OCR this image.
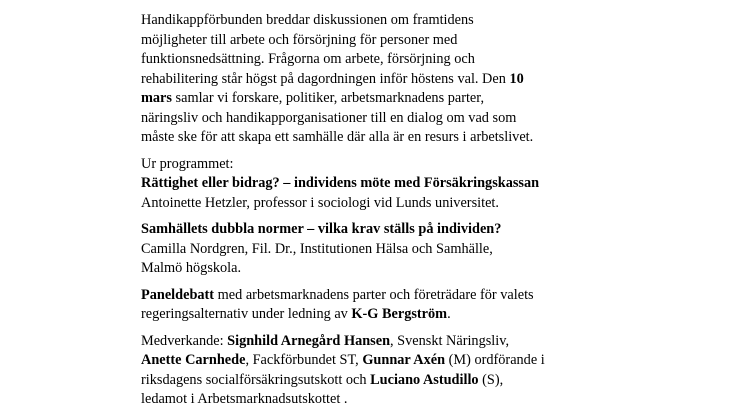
Handikappförbunden breddar diskussionen om framtidens
möjligheter till arbete och försörjning för personer med
funktionsnedsättning. Frågorna om arbete, försörjning och
rehabilitering står högst på dagordningen inför höstens val. Den 10
mars samlar vi forskare, politiker, arbetsmarknadens parter,
näringsliv och handikapporganisationer till en dialog om vad som
måste ske för att skapa ett samhälle där alla är en resurs i arbetslivet.

Ur programmet:
Rättighet eller bidrag? – individens möte med Försäkringskassan
Antoinette Hetzler, professor i sociologi vid Lunds universitet.

Samhällets dubbla normer – vilka krav ställs på individen?
Camilla Nordgren, Fil. Dr., Institutionen Hälsa och Samhälle,
Malmö högskola.

Paneldebatt med arbetsmarknadens parter och företrädare för valets
regeringsalternativ under ledning av K-G Bergström.

Medverkande: Signhild Arnegård Hansen, Svenskt Näringsliv,
Anette Carnhede, Fackförbundet ST, Gunnar Axén (M) ordförande i
riksdagens socialförsäkringsutskott och Luciano Astudillo (S),
ledamot i Arbetsmarknadsutskottet .
